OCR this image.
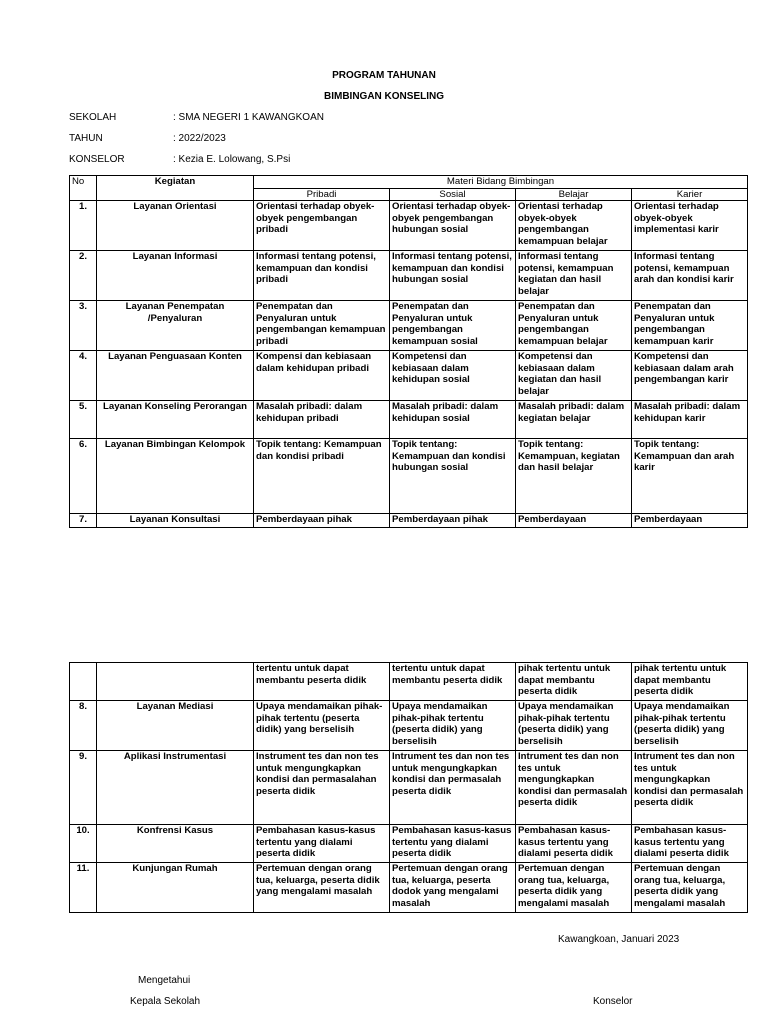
PROGRAM TAHUNAN
BIMBINGAN KONSELING
SEKOLAH	: SMA NEGERI 1 KAWANGKOAN
TAHUN	: 2022/2023
KONSELOR	: Kezia E. Lolowang, S.Psi
No	Kegiatan	Materi Bidang Bimbingan			
		Pribadi	Sosial	Belajar	Karier
1.	Layanan Orientasi	Orientasi terhadap obyek-obyek pengembangan pribadi	Orientasi terhadap obyek-obyek pengembangan hubungan sosial	Orientasi terhadap obyek-obyek pengembangan kemampuan belajar	Orientasi terhadap obyek-obyek implementasi karir
2.	Layanan Informasi	Informasi tentang potensi, kemampuan dan kondisi pribadi	Informasi tentang potensi, kemampuan dan kondisi hubungan sosial	Informasi tentang potensi, kemampuan kegiatan dan hasil belajar	Informasi tentang potensi, kemampuan arah dan kondisi karir
3.	Layanan Penempatan /Penyaluran	Penempatan dan Penyaluran untuk pengembangan kemampuan pribadi	Penempatan dan Penyaluran untuk pengembangan kemampuan sosial	Penempatan dan Penyaluran untuk pengembangan kemampuan belajar	Penempatan dan Penyaluran untuk pengembangan kemampuan karir
4.	Layanan Penguasaan Konten	Kompensi dan kebiasaan dalam kehidupan pribadi	Kompetensi dan kebiasaan dalam kehidupan sosial	Kompetensi dan kebiasaan dalam kegiatan dan hasil belajar	Kompetensi dan kebiasaan dalam arah pengembangan karir
5.	Layanan Konseling Perorangan	Masalah pribadi: dalam kehidupan pribadi	Masalah pribadi: dalam kehidupan sosial	Masalah pribadi: dalam kegiatan belajar	Masalah pribadi: dalam kehidupan karir
6.	Layanan Bimbingan Kelompok	Topik tentang: Kemampuan dan kondisi pribadi	Topik tentang: Kemampuan dan kondisi hubungan sosial	Topik tentang: Kemampuan, kegiatan dan hasil belajar	Topik tentang: Kemampuan dan arah karir
7.	Layanan Konsultasi	Pemberdayaan pihak	Pemberdayaan pihak	Pemberdayaan	Pemberdayaan
		tertentu untuk dapat membantu peserta didik	tertentu untuk dapat membantu peserta didik	pihak tertentu untuk dapat membantu peserta didik	pihak tertentu untuk dapat membantu peserta didik
8.	Layanan Mediasi	Upaya mendamaikan pihak-pihak tertentu (peserta didik) yang berselisih	Upaya mendamaikan pihak-pihak tertentu (peserta didik) yang berselisih	Upaya mendamaikan pihak-pihak tertentu (peserta didik) yang berselisih	Upaya mendamaikan pihak-pihak tertentu (peserta didik) yang berselisih
9.	Aplikasi Instrumentasi	Instrument tes dan non tes untuk mengungkapkan kondisi dan permasalahan peserta didik	Intrument tes dan non tes untuk mengungkapkan kondisi dan permasalah peserta didik	Intrument tes dan non tes untuk mengungkapkan kondisi dan permasalah peserta didik	Intrument tes dan non tes untuk mengungkapkan kondisi dan permasalah peserta didik
10.	Konfrensi Kasus	Pembahasan kasus-kasus tertentu yang dialami peserta didik	Pembahasan kasus-kasus tertentu yang dialami peserta didik	Pembahasan kasus-kasus tertentu yang dialami peserta didik	Pembahasan kasus-kasus tertentu yang dialami peserta didik
11.	Kunjungan Rumah	Pertemuan dengan orang tua, keluarga, peserta didik yang mengalami masalah	Pertemuan dengan orang tua, keluarga, peserta dodok yang mengalami masalah	Pertemuan dengan orang tua, keluarga, peserta didik yang mengalami masalah	Pertemuan dengan orang tua, keluarga, peserta didik yang mengalami masalah
Kawangkoan, Januari 2023
Mengetahui
Kepala Sekolah	Konselor
